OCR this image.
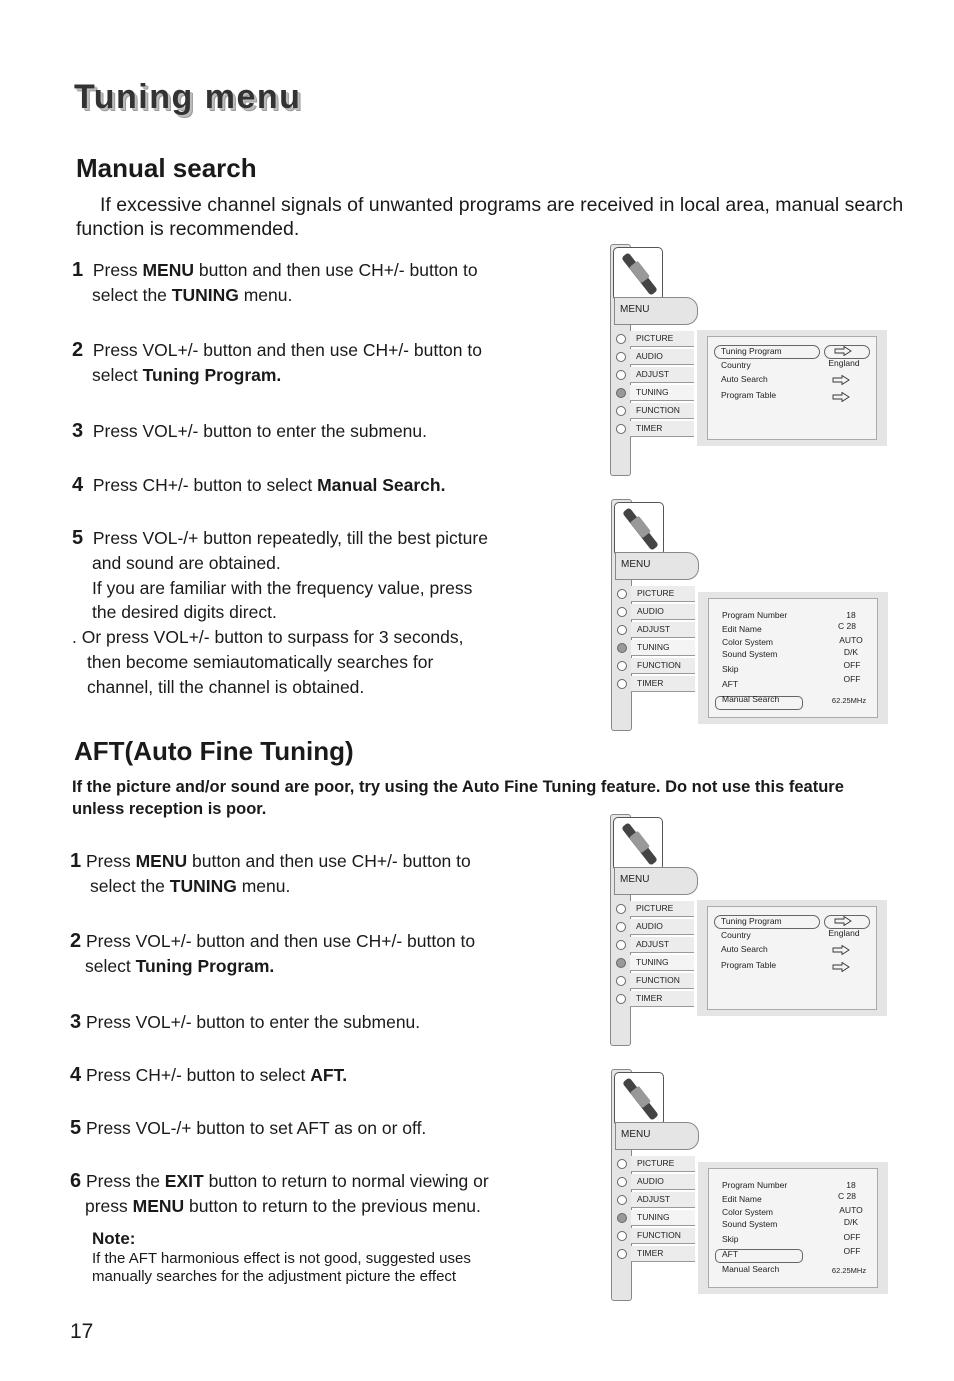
Tuning menu
Manual search
If excessive channel signals of unwanted programs are received in local area, manual search function is recommended.
1 Press MENU button and then use CH+/- button to
select the TUNING menu.
2 Press VOL+/- button and then use CH+/- button to
select Tuning Program.
3 Press VOL+/- button to enter the submenu.
4 Press CH+/- button to select Manual Search.
5 Press VOL-/+ button repeatedly, till the best picture
and sound are obtained.
If you are familiar with the frequency value, press
the desired digits direct.
. Or press VOL+/- button to surpass for 3 seconds,
then become semiautomatically searches for
channel, till the channel is obtained.
AFT(Auto Fine Tuning)
If the picture and/or sound are poor, try using the Auto Fine Tuning feature. Do not use this feature unless reception is poor.
1 Press MENU button and then use CH+/- button to
select the TUNING menu.
2 Press VOL+/- button and then use CH+/- button to
select Tuning Program.
3 Press VOL+/- button to enter the submenu.
4 Press CH+/- button to select AFT.
5 Press VOL-/+ button to set AFT as on or off.
6 Press the EXIT button to return to normal viewing or
press MENU button to return to the previous menu.
Note:
If the AFT harmonious effect is not good, suggested uses manually searches for the adjustment picture the effect
17
MENU
PICTURE
AUDIO
ADJUST
TUNING
FUNCTION
TIMER
Tuning Program
Country
Auto Search
Program Table
England
MENU
PICTURE
AUDIO
ADJUST
TUNING
FUNCTION
TIMER
Program Number
Edit Name
Color System
Sound System
Skip
AFT
Manual Search
18
C 28
AUTO
D/K
OFF
OFF
62.25MHz
MENU
PICTURE
AUDIO
ADJUST
TUNING
FUNCTION
TIMER
Tuning Program
Country
Auto Search
Program Table
England
MENU
PICTURE
AUDIO
ADJUST
TUNING
FUNCTION
TIMER
Program Number
Edit Name
Color System
Sound System
Skip
AFT
Manual Search
18
C 28
AUTO
D/K
OFF
OFF
62.25MHz
